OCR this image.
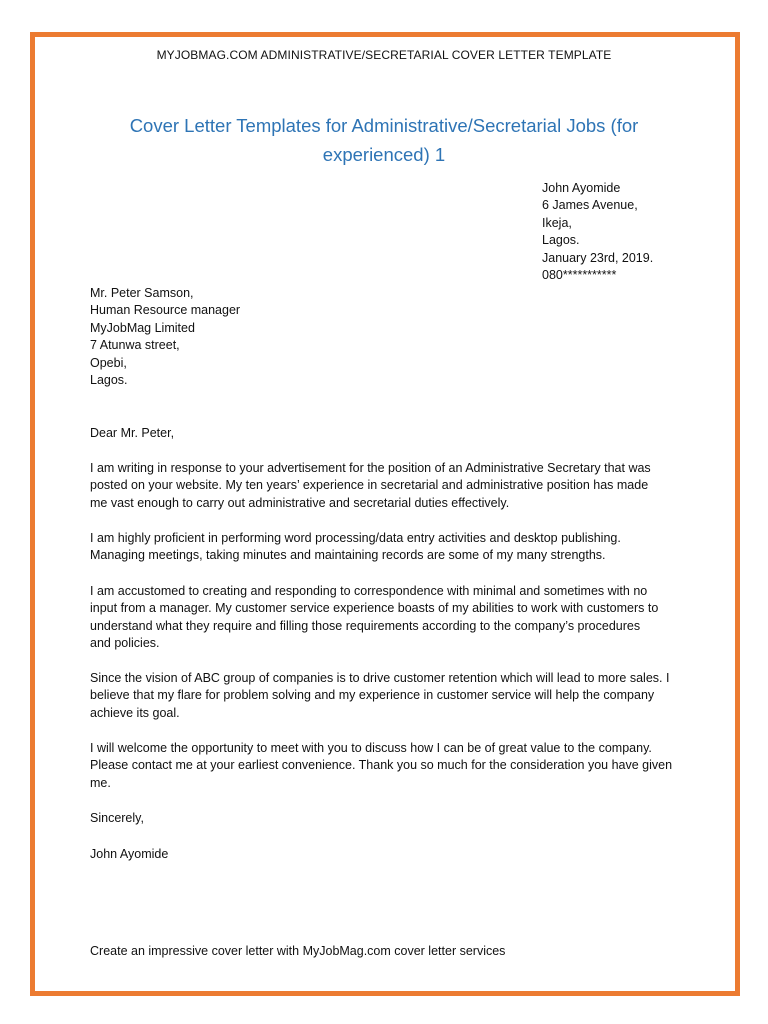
MYJOBMAG.COM ADMINISTRATIVE/SECRETARIAL COVER LETTER TEMPLATE
Cover Letter Templates for Administrative/Secretarial Jobs (for
experienced) 1
John Ayomide
6 James Avenue,
Ikeja,
Lagos.
January 23rd, 2019.
080***********
Mr. Peter Samson,
Human Resource manager
MyJobMag Limited
7 Atunwa street,
Opebi,
Lagos.
Dear Mr. Peter,
I am writing in response to your advertisement for the position of an Administrative Secretary that was
posted on your website. My ten years’ experience in secretarial and administrative position has made
me vast enough to carry out administrative and secretarial duties effectively.
I am highly proficient in performing word processing/data entry activities and desktop publishing.
Managing meetings, taking minutes and maintaining records are some of my many strengths.
I am accustomed to creating and responding to correspondence with minimal and sometimes with no
input from a manager. My customer service experience boasts of my abilities to work with customers to
understand what they require and filling those requirements according to the company’s procedures
and policies.
Since the vision of ABC group of companies is to drive customer retention which will lead to more sales. I
believe that my flare for problem solving and my experience in customer service will help the company
achieve its goal.
I will welcome the opportunity to meet with you to discuss how I can be of great value to the company.
Please contact me at your earliest convenience. Thank you so much for the consideration you have given
me.
Sincerely,
John Ayomide
Create an impressive cover letter with MyJobMag.com cover letter services
